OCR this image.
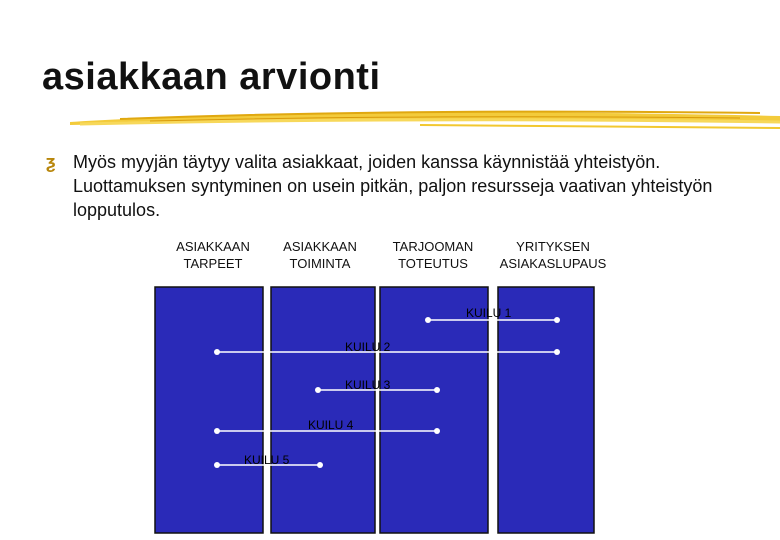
asiakkaan arvionti
ƺ Myös myyjän täytyy valita asiakkaat, joiden kanssa käynnistää yhteistyön. Luottamuksen syntyminen on usein pitkän, paljon resursseja vaativan yhteistyön lopputulos.
ASIAKKAAN
TARPEET
ASIAKKAAN
TOIMINTA
TARJOOMAN
TOTEUTUS
YRITYKSEN
ASIAKASLUPAUS
KUILU 1
KUILU 2
KUILU 3
KUILU 4
KUILU 5
